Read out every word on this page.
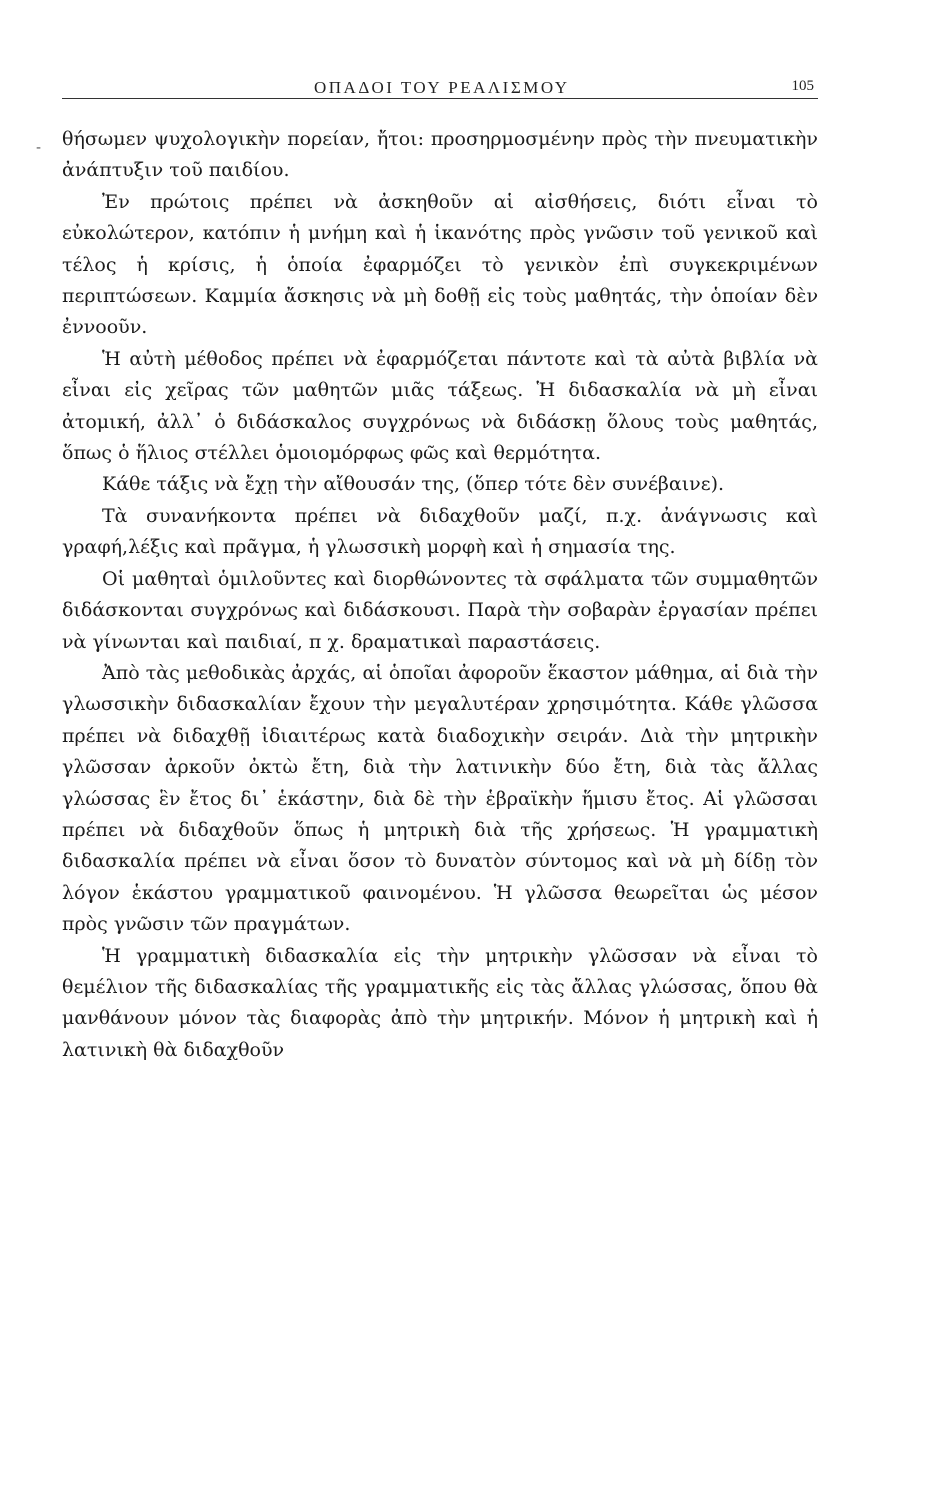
ΟΠΑΔΟΙ ΤΟΥ ΡΕΑΛΙΣΜΟΥ	105
- θήσωμεν ψυχολογικὴν πορείαν, ἤτοι: προσηρμοσμένην πρὸς τὴν πνευματικὴν ἀνάπτυξιν τοῦ παιδίου.

Ἐν πρώτοις πρέπει νὰ ἀσκηθοῦν αἱ αἰσθήσεις, διότι εἶναι τὸ εὐκολώτερον, κατόπιν ἡ μνήμη καὶ ἡ ἱκανότης πρὸς γνῶσιν τοῦ γενικοῦ καὶ τέλος ἡ κρίσις, ἡ ὁποία ἐφαρμόζει τὸ γενικὸν ἐπὶ συγκεκριμένων περιπτώσεων. Καμμία ἄσκησις νὰ μὴ δοθῇ εἰς τοὺς μαθητάς, τὴν ὁποίαν δὲν ἐννοοῦν.

Ἡ αὐτὴ μέθοδος πρέπει νὰ ἐφαρμόζεται πάντοτε καὶ τὰ αὐτὰ βιβλία νὰ εἶναι εἰς χεῖρας τῶν μαθητῶν μιᾶς τάξεως. Ἡ διδασκαλία νὰ μὴ εἶναι ἀτομική, ἀλλ᾽ ὁ διδάσκαλος συγχρόνως νὰ διδάσκῃ ὅλους τοὺς μαθητάς, ὅπως ὁ ἥλιος στέλλει ὁμοιομόρφως φῶς καὶ θερμότητα.

Κάθε τάξις νὰ ἔχῃ τὴν αἴθουσάν της, (ὅπερ τότε δὲν συνέβαινε).

Τὰ συνανήκοντα πρέπει νὰ διδαχθοῦν μαζί, π.χ. ἀνάγνωσις καὶ γραφή,λέξις καὶ πρᾶγμα, ἡ γλωσσικὴ μορφὴ καὶ ἡ σημασία της.

Οἱ μαθηταὶ ὁμιλοῦντες καὶ διορθώνοντες τὰ σφάλματα τῶν συμμαθητῶν διδάσκονται συγχρόνως καὶ διδάσκουσι. Παρὰ τὴν σοβαρὰν ἐργασίαν πρέπει νὰ γίνωνται καὶ παιδιαί, π χ. δραματικαὶ παραστάσεις.

Ἀπὸ τὰς μεθοδικὰς ἀρχάς, αἱ ὁποῖαι ἀφοροῦν ἕκαστον μάθημα, αἱ διὰ τὴν γλωσσικὴν διδασκαλίαν ἔχουν τὴν μεγαλυτέραν χρησιμότητα. Κάθε γλῶσσα πρέπει νὰ διδαχθῇ ἰδιαιτέρως κατὰ διαδοχικὴν σειράν. Διὰ τὴν μητρικὴν γλῶσσαν ἀρκοῦν ὀκτὼ ἔτη, διὰ τὴν λατινικὴν δύο ἔτη, διὰ τὰς ἄλλας γλώσσας ἓν ἔτος δι᾽ ἑκάστην, διὰ δὲ τὴν ἑβραϊκὴν ἥμισυ ἔτος. Αἱ γλῶσσαι πρέπει νὰ διδαχθοῦν ὅπως ἡ μητρικὴ διὰ τῆς χρήσεως. Ἡ γραμματικὴ διδασκαλία πρέπει νὰ εἶναι ὅσον τὸ δυνατὸν σύντομος καὶ νὰ μὴ δίδῃ τὸν λόγον ἑκάστου γραμματικοῦ φαινομένου. Ἡ γλῶσσα θεωρεῖται ὡς μέσον πρὸς γνῶσιν τῶν πραγμάτων.

Ἡ γραμματικὴ διδασκαλία εἰς τὴν μητρικὴν γλῶσσαν νὰ εἶναι τὸ θεμέλιον τῆς διδασκαλίας τῆς γραμματικῆς εἰς τὰς ἄλλας γλώσσας, ὅπου θὰ μανθάνουν μόνον τὰς διαφορὰς ἀπὸ τὴν μητρικήν. Μόνον ἡ μητρικὴ καὶ ἡ λατινικὴ θὰ διδαχθοῦν
